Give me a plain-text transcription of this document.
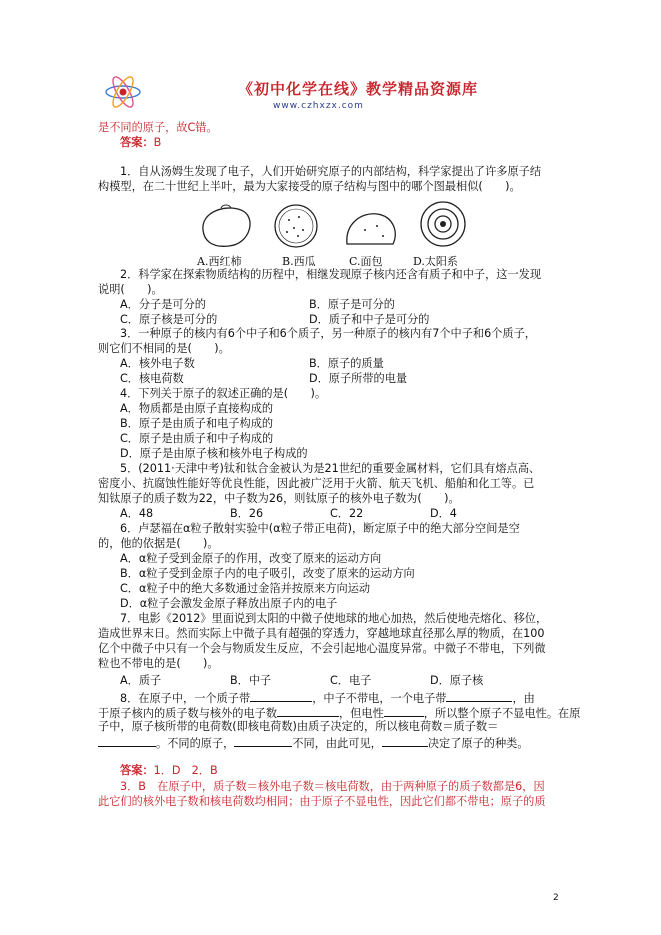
《初中化学在线》教学精品资源库
www.czhxzx.com
是不同的原子，故C错。
答案：B
1．自从汤姆生发现了电子，人们开始研究原子的内部结构，科学家提出了许多原子结
构模型，在二十世纪上半叶，最为大家接受的原子结构与图中的哪个图最相似(　　)。
A.西红柿	B.西瓜	C.面包	D.太阳系
2．科学家在探索物质结构的历程中，相继发现原子核内还含有质子和中子，这一发现
说明(　　)。
A．分子是可分的	B．原子是可分的
C．原子核是可分的	D．质子和中子是可分的
3．一种原子的核内有6个中子和6个质子，另一种原子的核内有7个中子和6个质子，
则它们不相同的是(　　)。
A．核外电子数	B．原子的质量
C．核电荷数	D．原子所带的电量
4．下列关于原子的叙述正确的是(　　)。
A．物质都是由原子直接构成的
B．原子是由质子和电子构成的
C．原子是由质子和中子构成的
D．原子是由原子核和核外电子构成的
5．(2011·天津中考)钛和钛合金被认为是21世纪的重要金属材料，它们具有熔点高、
密度小、抗腐蚀性能好等优良性能，因此被广泛用于火箭、航天飞机、船舶和化工等。已
知钛原子的质子数为22，中子数为26，则钛原子的核外电子数为(　　)。
A．48	B．26	C．22	D．4
6．卢瑟福在α粒子散射实验中(α粒子带正电荷)，断定原子中的绝大部分空间是空
的，他的依据是(　　)。
A．α粒子受到金原子的作用，改变了原来的运动方向
B．α粒子受到金原子内的电子吸引，改变了原来的运动方向
C．α粒子中的绝大多数通过金箔并按原来方向运动
D．α粒子会激发金原子释放出原子内的电子
7．电影《2012》里面说到太阳的中微子使地球的地心加热，然后使地壳熔化、移位，
造成世界末日。然而实际上中微子具有超强的穿透力，穿越地球直径那么厚的物质，在100
亿个中微子中只有一个会与物质发生反应，不会引起地心温度异常。中微子不带电，下列微
粒也不带电的是(　　)。
A．质子	B．中子	C．电子	D．原子核
8．在原子中，一个质子带	，中子不带电，一个电子带	，由
于原子核内的质子数与核外的电子数	，但电性	，所以整个原子不显电性。在原
子中，原子核所带的电荷数(即核电荷数)由质子决定的，所以核电荷数＝质子数＝
。不同的原子，	不同，由此可见，	决定了原子的种类。
答案：1．D　2．B
3．B　在原子中，质子数＝核外电子数＝核电荷数，由于两种原子的质子数都是6，因
此它们的核外电子数和核电荷数均相同；由于原子不显电性，因此它们都不带电；原子的质
2
